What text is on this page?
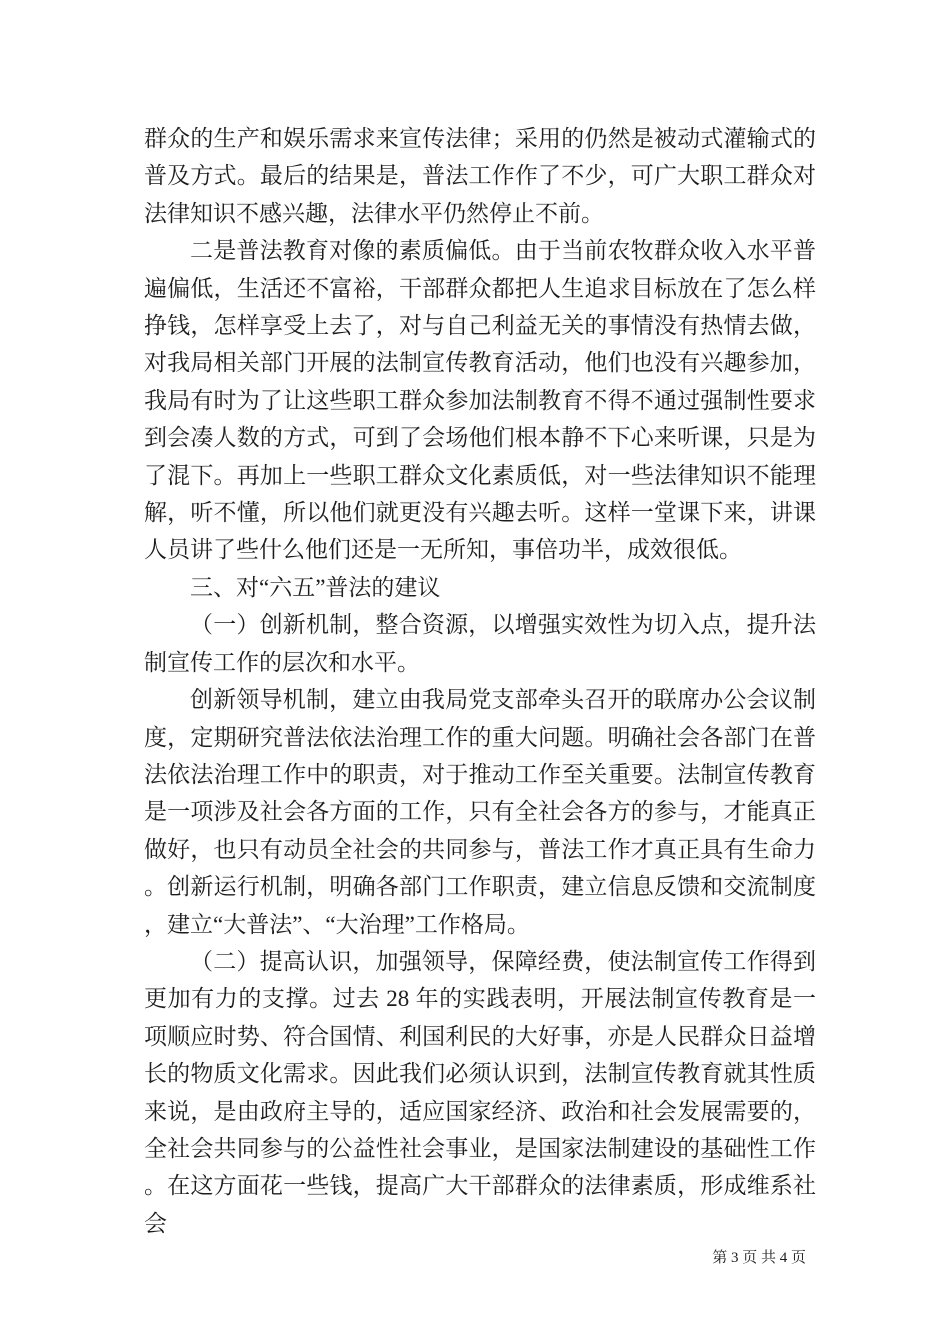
群众的生产和娱乐需求来宣传法律；采用的仍然是被动式灌输式的普及方式。最后的结果是，普法工作作了不少，可广大职工群众对法律知识不感兴趣，法律水平仍然停止不前。

二是普法教育对像的素质偏低。由于当前农牧群众收入水平普遍偏低，生活还不富裕，干部群众都把人生追求目标放在了怎么样挣钱，怎样享受上去了，对与自己利益无关的事情没有热情去做，对我局相关部门开展的法制宣传教育活动，他们也没有兴趣参加，我局有时为了让这些职工群众参加法制教育不得不通过强制性要求到会凑人数的方式，可到了会场他们根本静不下心来听课，只是为了混下。再加上一些职工群众文化素质低，对一些法律知识不能理解，听不懂，所以他们就更没有兴趣去听。这样一堂课下来，讲课人员讲了些什么他们还是一无所知，事倍功半，成效很低。

三、对“六五”普法的建议

（一）创新机制，整合资源，以增强实效性为切入点，提升法制宣传工作的层次和水平。

创新领导机制，建立由我局党支部牵头召开的联席办公会议制度，定期研究普法依法治理工作的重大问题。明确社会各部门在普法依法治理工作中的职责，对于推动工作至关重要。法制宣传教育是一项涉及社会各方面的工作，只有全社会各方的参与，才能真正做好，也只有动员全社会的共同参与，普法工作才真正具有生命力。创新运行机制，明确各部门工作职责，建立信息反馈和交流制度，建立“大普法”、“大治理”工作格局。

（二）提高认识，加强领导，保障经费，使法制宣传工作得到更加有力的支撑。过去 28 年的实践表明，开展法制宣传教育是一项顺应时势、符合国情、利国利民的大好事，亦是人民群众日益增长的物质文化需求。因此我们必须认识到，法制宣传教育就其性质来说，是由政府主导的，适应国家经济、政治和社会发展需要的，全社会共同参与的公益性社会事业，是国家法制建设的基础性工作。在这方面花一些钱，提高广大干部群众的法律素质，形成维系社会

第 3 页 共 4 页
